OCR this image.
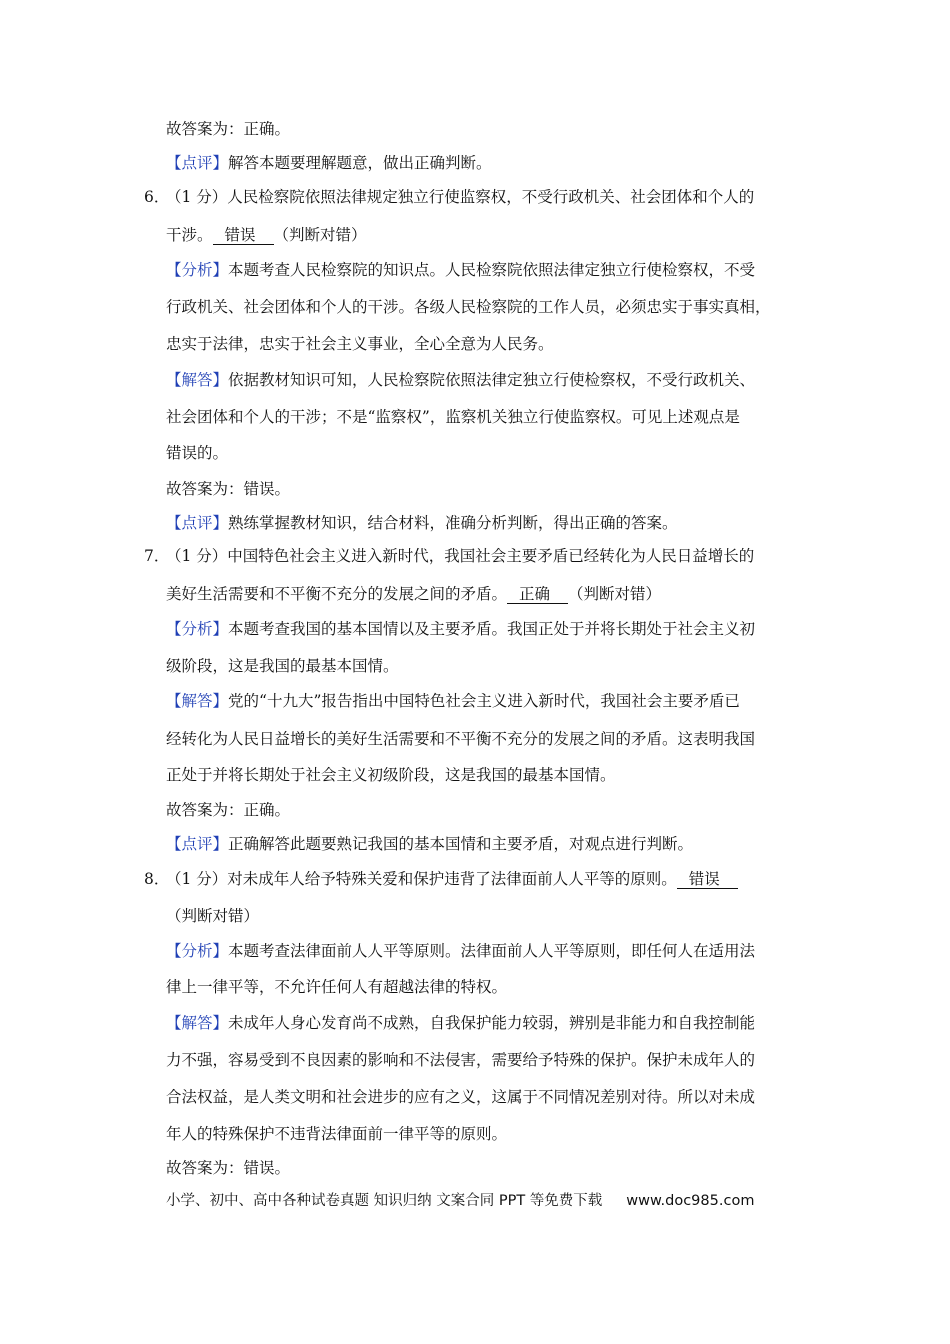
故答案为：正确。
【点评】解答本题要理解题意，做出正确判断。
6．
（1 分）人民检察院依照法律规定独立行使监察权，不受行政机关、社会团体和个人的
干涉。 错误 （判断对错）
【分析】本题考查人民检察院的知识点。人民检察院依照法律定独立行使检察权，不受
行政机关、社会团体和个人的干涉。各级人民检察院的工作人员，必须忠实于事实真相，
忠实于法律，忠实于社会主义事业，全心全意为人民务。
【解答】依据教材知识可知，人民检察院依照法律定独立行使检察权，不受行政机关、
社会团体和个人的干涉；不是“监察权”，监察机关独立行使监察权。可见上述观点是
错误的。
故答案为：错误。
【点评】熟练掌握教材知识，结合材料，准确分析判断，得出正确的答案。
7．
（1 分）中国特色社会主义进入新时代，我国社会主要矛盾已经转化为人民日益增长的
美好生活需要和不平衡不充分的发展之间的矛盾。 正确 （判断对错）
【分析】本题考查我国的基本国情以及主要矛盾。我国正处于并将长期处于社会主义初
级阶段，这是我国的最基本国情。
【解答】党的“十九大”报告指出中国特色社会主义进入新时代，我国社会主要矛盾已
经转化为人民日益增长的美好生活需要和不平衡不充分的发展之间的矛盾。这表明我国
正处于并将长期处于社会主义初级阶段，这是我国的最基本国情。
故答案为：正确。
【点评】正确解答此题要熟记我国的基本国情和主要矛盾，对观点进行判断。
8．
（1 分）对未成年人给予特殊关爱和保护违背了法律面前人人平等的原则。 错误
（判断对错）
【分析】本题考查法律面前人人平等原则。法律面前人人平等原则，即任何人在适用法
律上一律平等，不允许任何人有超越法律的特权。
【解答】未成年人身心发育尚不成熟，自我保护能力较弱，辨别是非能力和自我控制能
力不强，容易受到不良因素的影响和不法侵害，需要给予特殊的保护。保护未成年人的
合法权益，是人类文明和社会进步的应有之义，这属于不同情况差别对待。所以对未成
年人的特殊保护不违背法律面前一律平等的原则。
故答案为：错误。
小学、初中、高中各种试卷真题 知识归纳 文案合同 PPT 等免费下载 www.doc985.com
